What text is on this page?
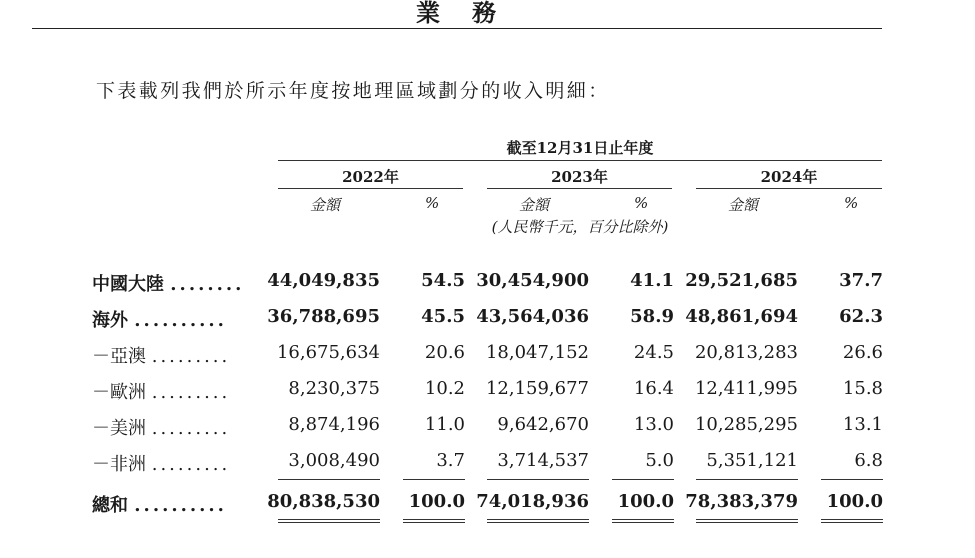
業務
下表載列我們於所示年度按地理區域劃分的收入明細：
截至12月31日止年度
2022年	2023年	2024年
金額	%	金額	%	金額	%
(人民幣千元，百分比除外)
中國大陸 ........	44,049,835	54.5 30,454,900	41.1 29,521,685	37.7
海外 ..........	36,788,695	45.5 43,564,036	58.9 48,861,694	62.3
－亞澳 .........	16,675,634	20.6	18,047,152	24.5	20,813,283	26.6
－歐洲 .........	8,230,375	10.2	12,159,677	16.4	12,411,995	15.8
－美洲 .........	8,874,196	11.0	9,642,670	13.0	10,285,295	13.1
－非洲 .........	3,008,490	3.7	3,714,537	5.0	5,351,121	6.8
總和 ..........	80,838,530	100.0 74,018,936	100.0 78,383,379	100.0
